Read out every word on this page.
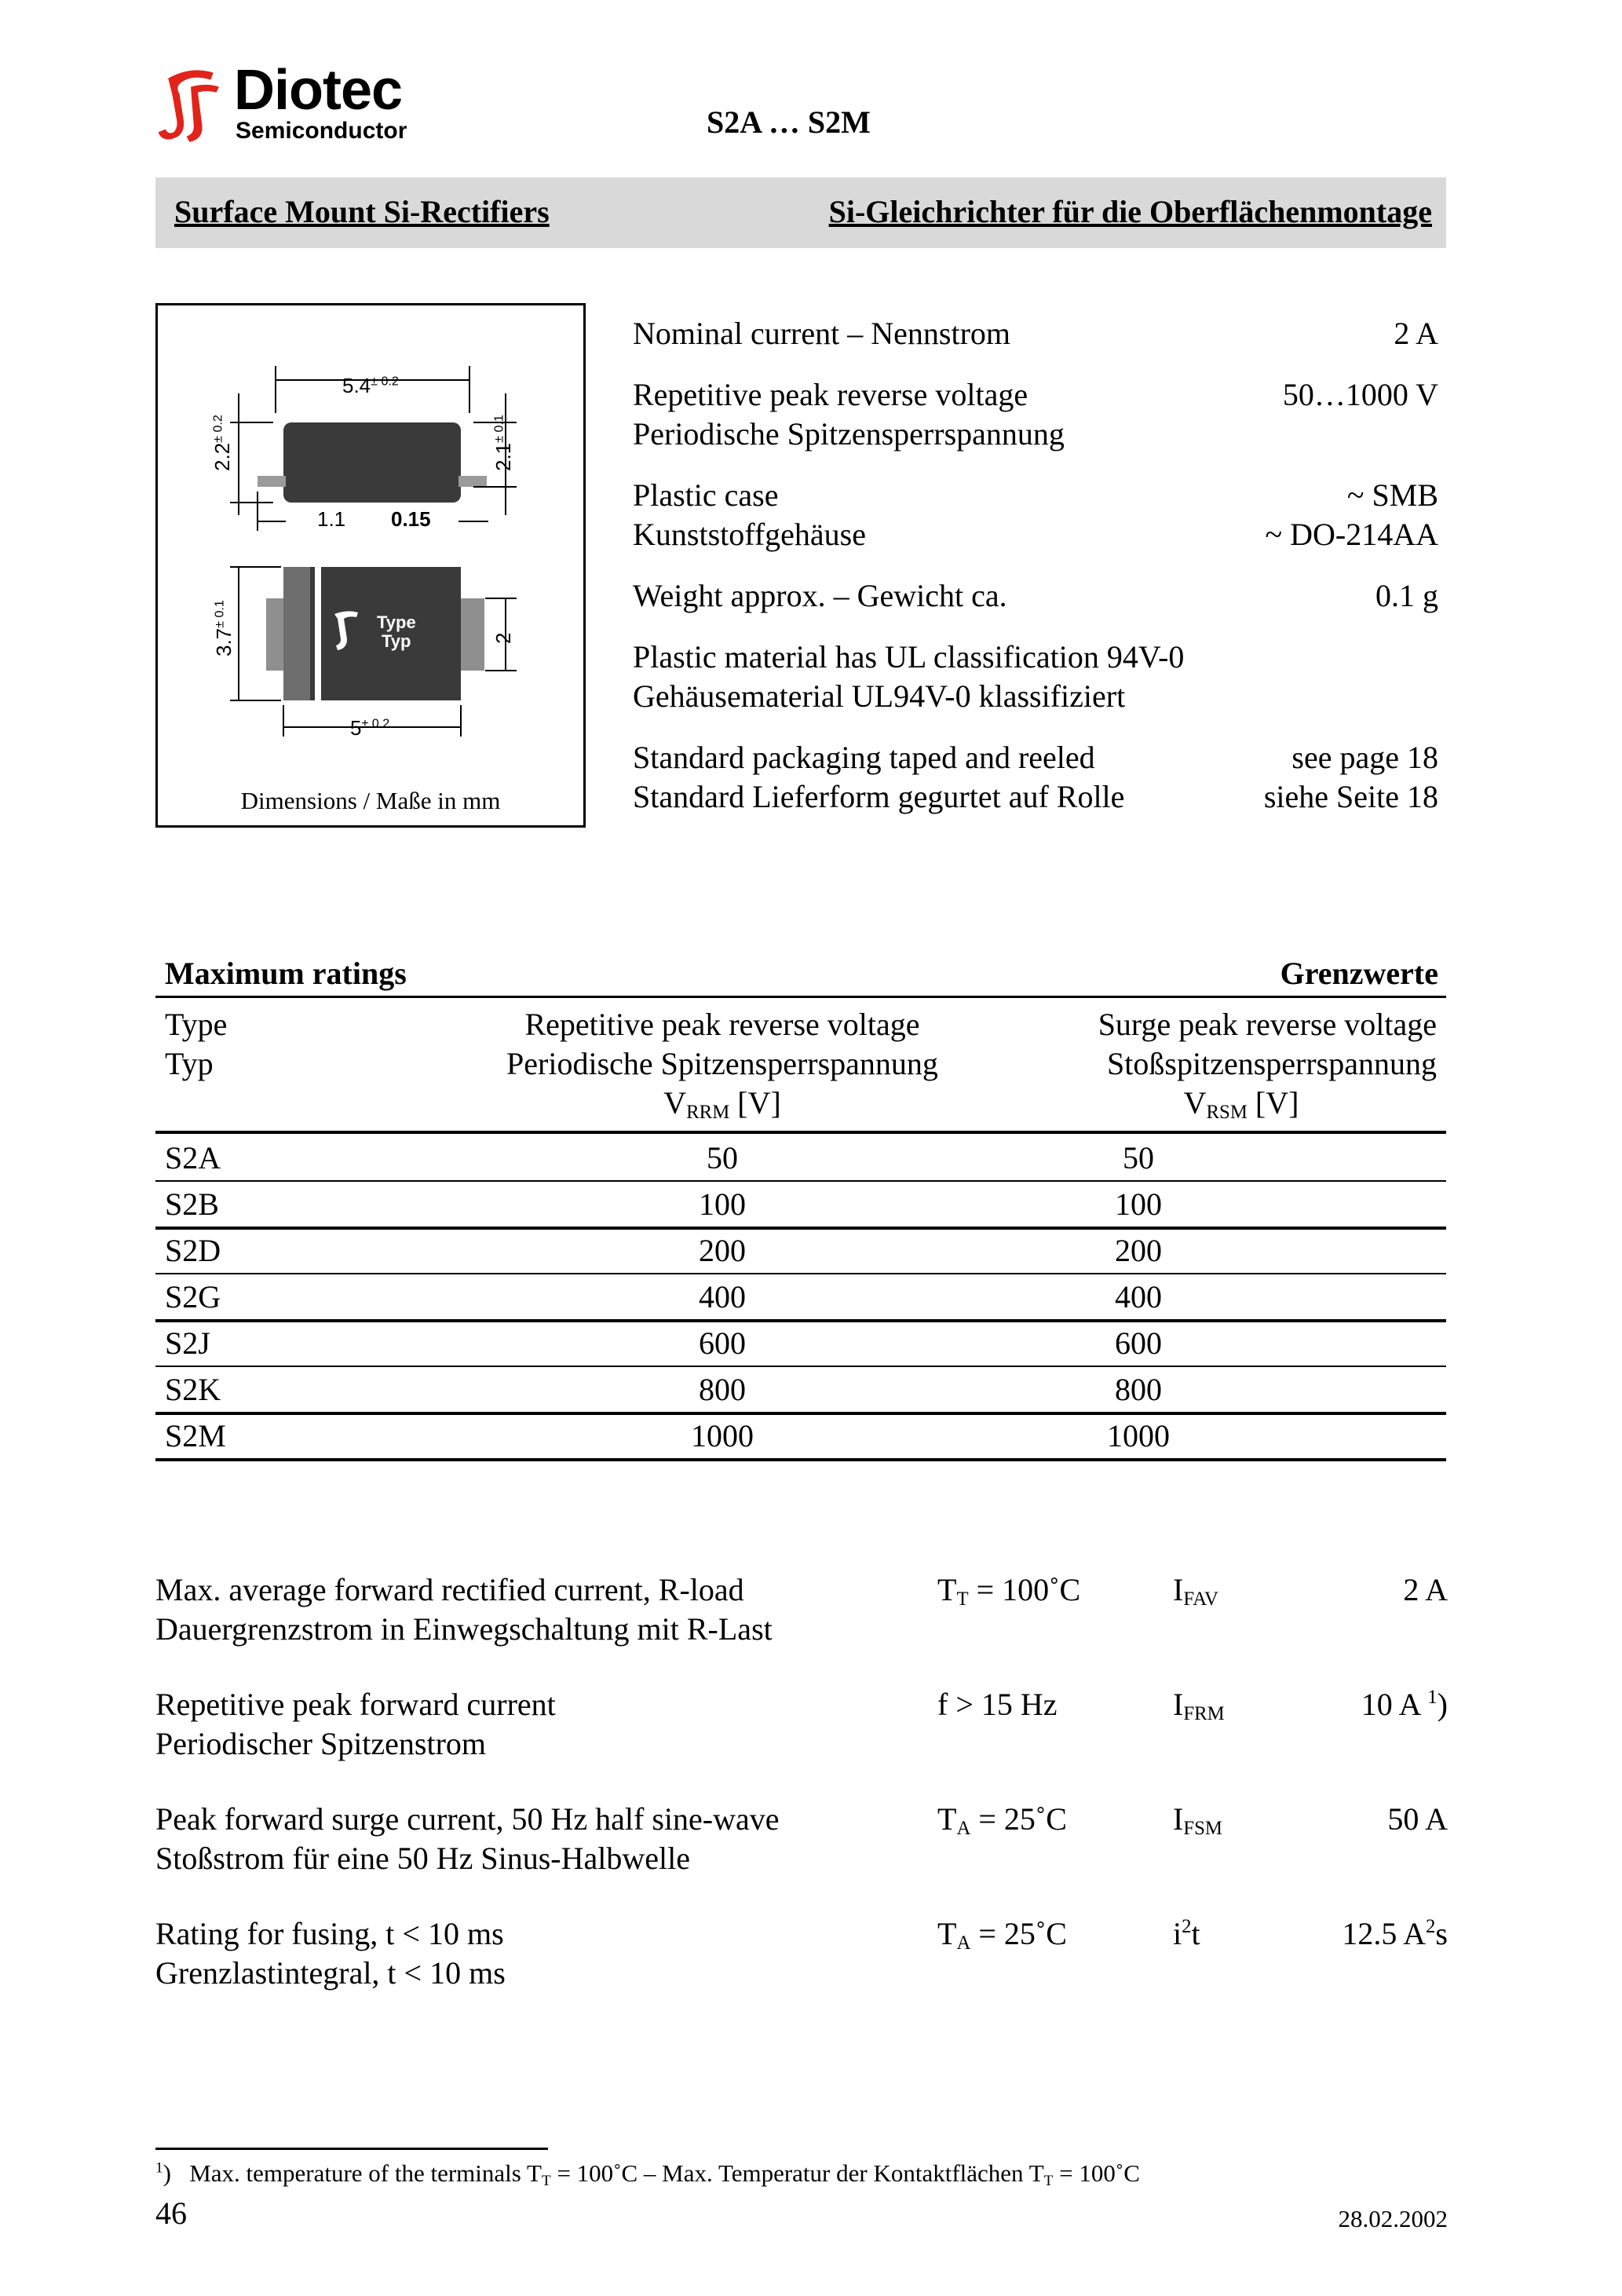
Diotec
Semiconductor	S2A … S2M
Surface Mount Si-Rectifiers	Si-Gleichrichter für die Oberflächenmontage
$5.4^{\pm 0.2}$
$2.2^{\pm 0.2}$
$2.1^{\pm 0.1}$
1.1 0.15
$3.7^{\pm 0.1}$
2
$5^{\pm 0.2}$
Type
Typ
Dimensions / Maße in mm
Nominal current – Nennstrom	2 A
Repetitive peak reverse voltage
Periodische Spitzensperrspannung
50…1000 V
Plastic case
Kunststoffgehäuse
~ SMB
~ DO-214AA
Weight approx. – Gewicht ca.	0.1 g
Plastic material has UL classification 94V-0
Gehäusematerial UL94V-0 klassifiziert
Standard packaging taped and reeled
Standard Lieferform gegurtet auf Rolle
see page 18
siehe Seite 18
Maximum ratings	Grenzwerte
Type
Typ
Repetitive peak reverse voltage
Periodische Spitzensperrspannung
$V_{RRM}$ [V]
Surge peak reverse voltage
Stoßspitzensperrspannung
$V_{RSM}$ [V]
S2A	50	50
S2B	100	100
S2D	200	200
S2G	400	400
S2J	600	600
S2K	800	800
S2M	1000	1000
Max. average forward rectified current, R-load
Dauergrenzstrom in Einwegschaltung mit R-Last
$T_T$ = 100˚C	$I_{FAV}$	2 A
Repetitive peak forward current
Periodischer Spitzenstrom
f > 15 Hz	$I_{FRM}$	10 A $^1$)
Peak forward surge current, 50 Hz half sine-wave
Stoßstrom für eine 50 Hz Sinus-Halbwelle
$T_A$ = 25˚C	$I_{FSM}$	50 A
Rating for fusing, t < 10 ms
Grenzlastintegral, t < 10 ms
$T_A$ = 25˚C	$i^2t$	12.5 $A^2s$
$^1$) Max. temperature of the terminals $T_T$ = 100˚C – Max. Temperatur der Kontaktflächen $T_T$ = 100˚C
46	28.02.2002
